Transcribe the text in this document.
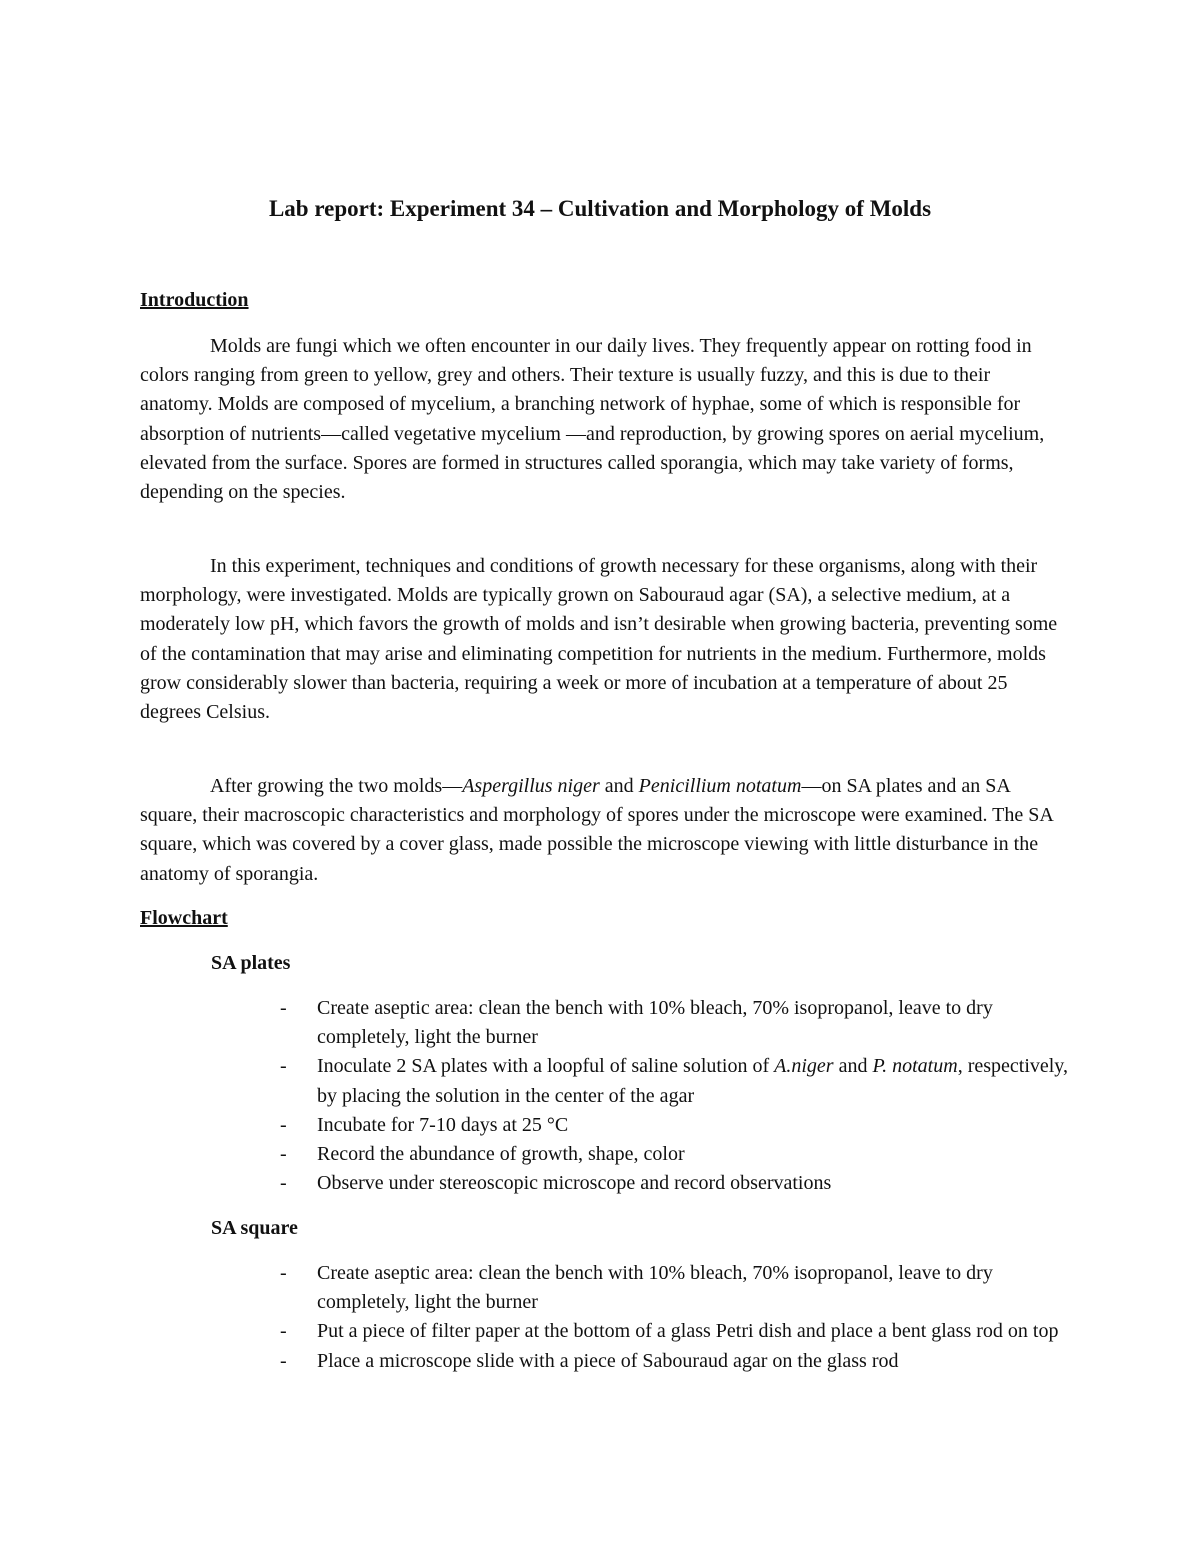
Lab report: Experiment 34 – Cultivation and Morphology of Molds
Introduction

Molds are fungi which we often encounter in our daily lives. They frequently appear on rotting food in colors ranging from green to yellow, grey and others. Their texture is usually fuzzy, and this is due to their anatomy. Molds are composed of mycelium, a branching network of hyphae, some of which is responsible for absorption of nutrients—called vegetative mycelium —and reproduction, by growing spores on aerial mycelium, elevated from the surface. Spores are formed in structures called sporangia, which may take variety of forms, depending on the species.

In this experiment, techniques and conditions of growth necessary for these organisms, along with their morphology, were investigated. Molds are typically grown on Sabouraud agar (SA), a selective medium, at a moderately low pH, which favors the growth of molds and isn’t desirable when growing bacteria, preventing some of the contamination that may arise and eliminating competition for nutrients in the medium. Furthermore, molds grow considerably slower than bacteria, requiring a week or more of incubation at a temperature of about 25 degrees Celsius.

After growing the two molds—Aspergillus niger and Penicillium notatum—on SA plates and an SA square, their macroscopic characteristics and morphology of spores under the microscope were examined. The SA square, which was covered by a cover glass, made possible the microscope viewing with little disturbance in the anatomy of sporangia.

Flowchart
SA plates
- Create aseptic area: clean the bench with 10% bleach, 70% isopropanol, leave to dry completely, light the burner
- Inoculate 2 SA plates with a loopful of saline solution of A.niger and P. notatum, respectively, by placing the solution in the center of the agar
- Incubate for 7-10 days at 25 °C
- Record the abundance of growth, shape, color
- Observe under stereoscopic microscope and record observations
SA square
- Create aseptic area: clean the bench with 10% bleach, 70% isopropanol, leave to dry completely, light the burner
- Put a piece of filter paper at the bottom of a glass Petri dish and place a bent glass rod on top
- Place a microscope slide with a piece of Sabouraud agar on the glass rod
